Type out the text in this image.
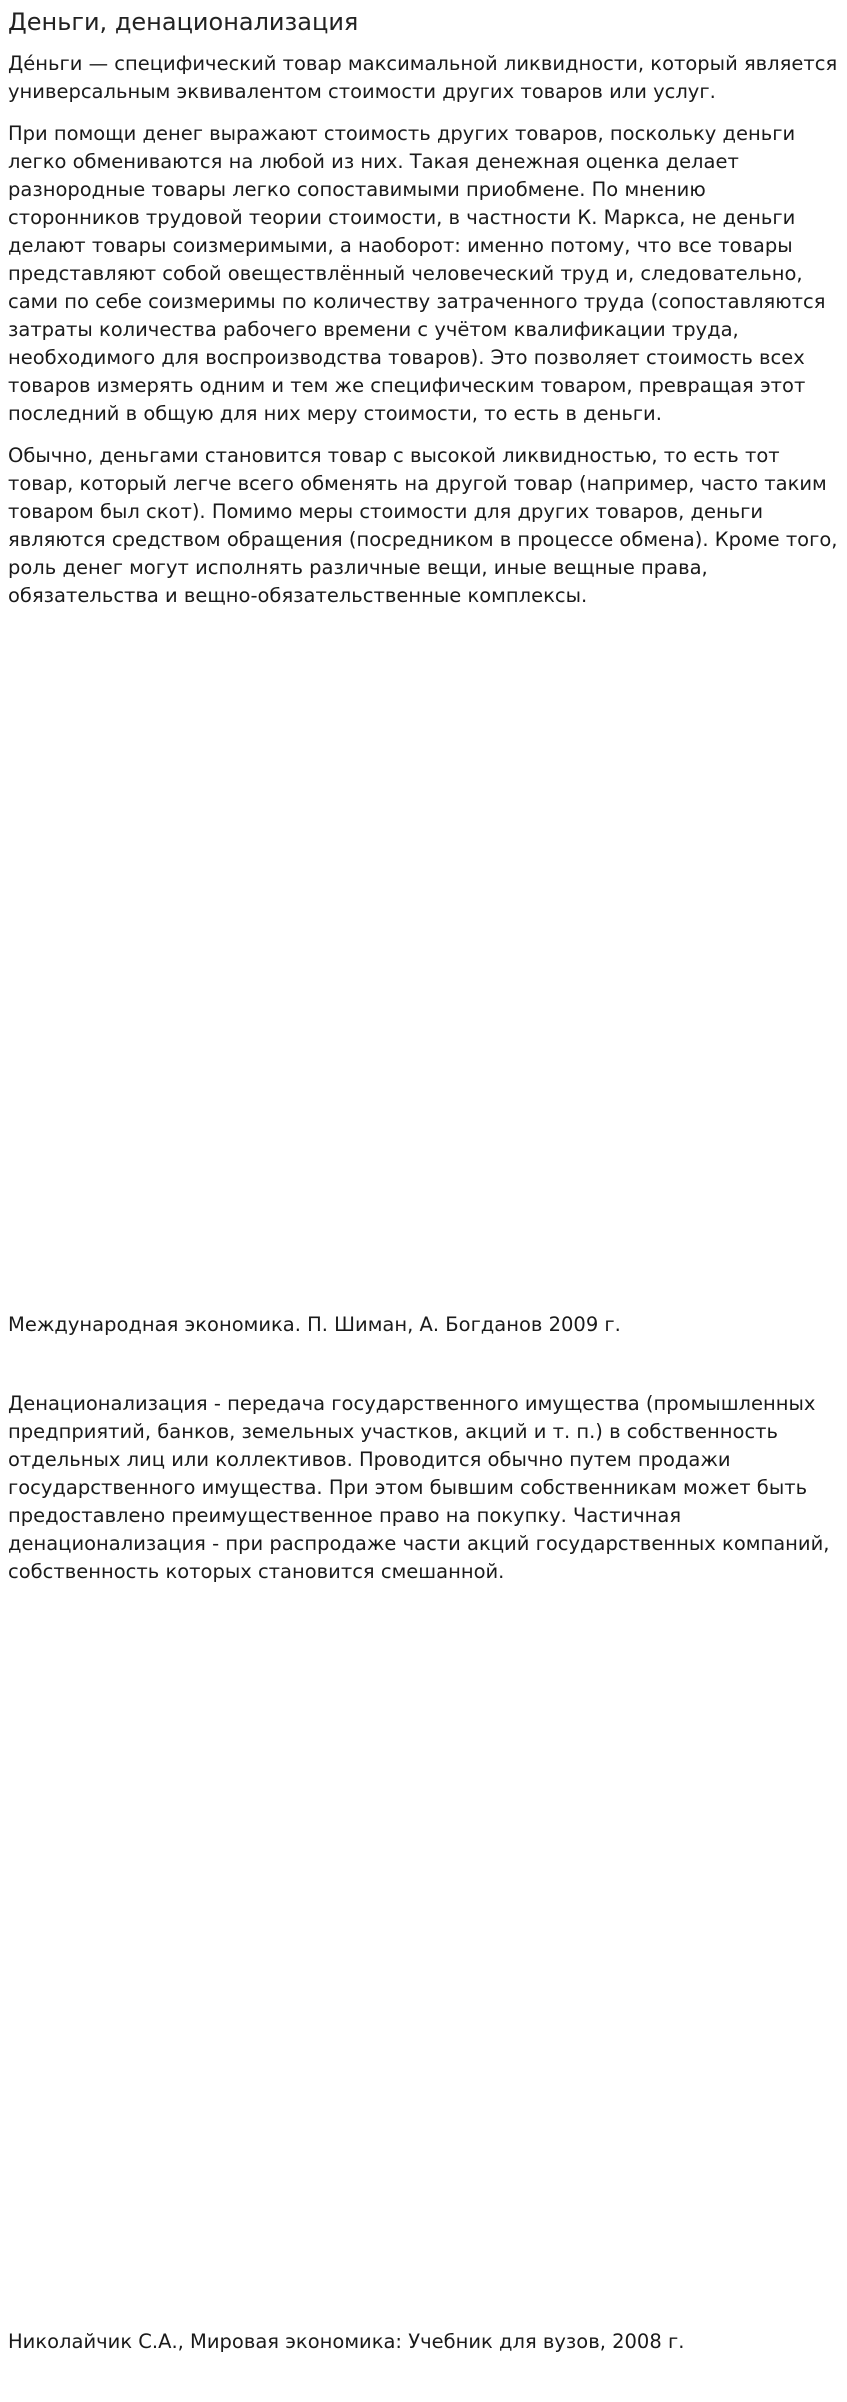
Деньги, денационализация

Де́ньги — специфический товар максимальной ликвидности, который является универсальным эквивалентом стоимости других товаров или услуг.

При помощи денег выражают стоимость других товаров, поскольку деньги легко обмениваются на любой из них. Такая денежная оценка делает разнородные товары легко сопоставимыми приобмене. По мнению сторонников трудовой теории стоимости, в частности К. Маркса, не деньги делают товары соизмеримыми, а наоборот: именно потому, что все товары представляют собой овеществлённый человеческий труд и, следовательно, сами по себе соизмеримы по количеству затраченного труда (сопоставляются затраты количества рабочего времени с учётом квалификации труда, необходимого для воспроизводства товаров). Это позволяет стоимость всех товаров измерять одним и тем же специфическим товаром, превращая этот последний в общую для них меру стоимости, то есть в деньги.

Обычно, деньгами становится товар с высокой ликвидностью, то есть тот товар, который легче всего обменять на другой товар (например, часто таким товаром был скот). Помимо меры стоимости для других товаров, деньги являются средством обращения (посредником в процессе обмена). Кроме того, роль денег могут исполнять различные вещи, иные вещные права, обязательства и вещно-обязательственные комплексы.

Международная экономика. П. Шиман, А. Богданов 2009 г.

Денационализация - передача государственного имущества (промышленных предприятий, банков, земельных участков, акций и т. п.) в собственность отдельных лиц или коллективов. Проводится обычно путем продажи государственного имущества. При этом бывшим собственникам может быть предоставлено преимущественное право на покупку. Частичная денационализация - при распродаже части акций государственных компаний, собственность которых становится смешанной.

Николайчик С.А., Мировая экономика: Учебник для вузов, 2008 г.
